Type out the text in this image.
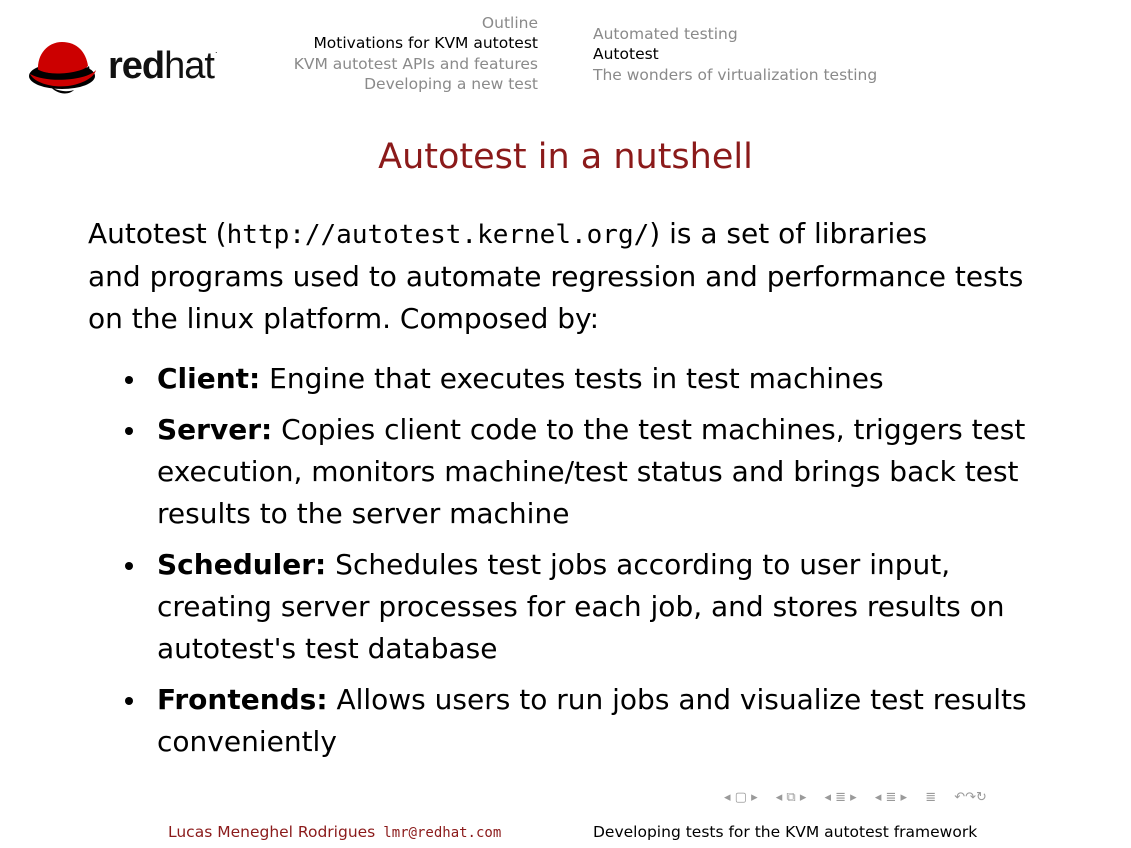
redhat.
Outline
Motivations for KVM autotest
KVM autotest APIs and features
Developing a new test
Automated testing
Autotest
The wonders of virtualization testing
Autotest in a nutshell
Autotest (http://autotest.kernel.org/) is a set of libraries
and programs used to automate regression and performance tests
on the linux platform. Composed by:
Client: Engine that executes tests in test machines
Server: Copies client code to the test machines, triggers test
execution, monitors machine/test status and brings back test
results to the server machine
Scheduler: Schedules test jobs according to user input,
creating server processes for each job, and stores results on
autotest's test database
Frontends: Allows users to run jobs and visualize test results
conveniently
◂ ▢ ▸ ◂ ⧉ ▸ ◂ ≣ ▸ ◂ ≣ ▸ ≣ ↶↷↻
Lucas Meneghel Rodrigues lmr@redhat.com	Developing tests for the KVM autotest framework
